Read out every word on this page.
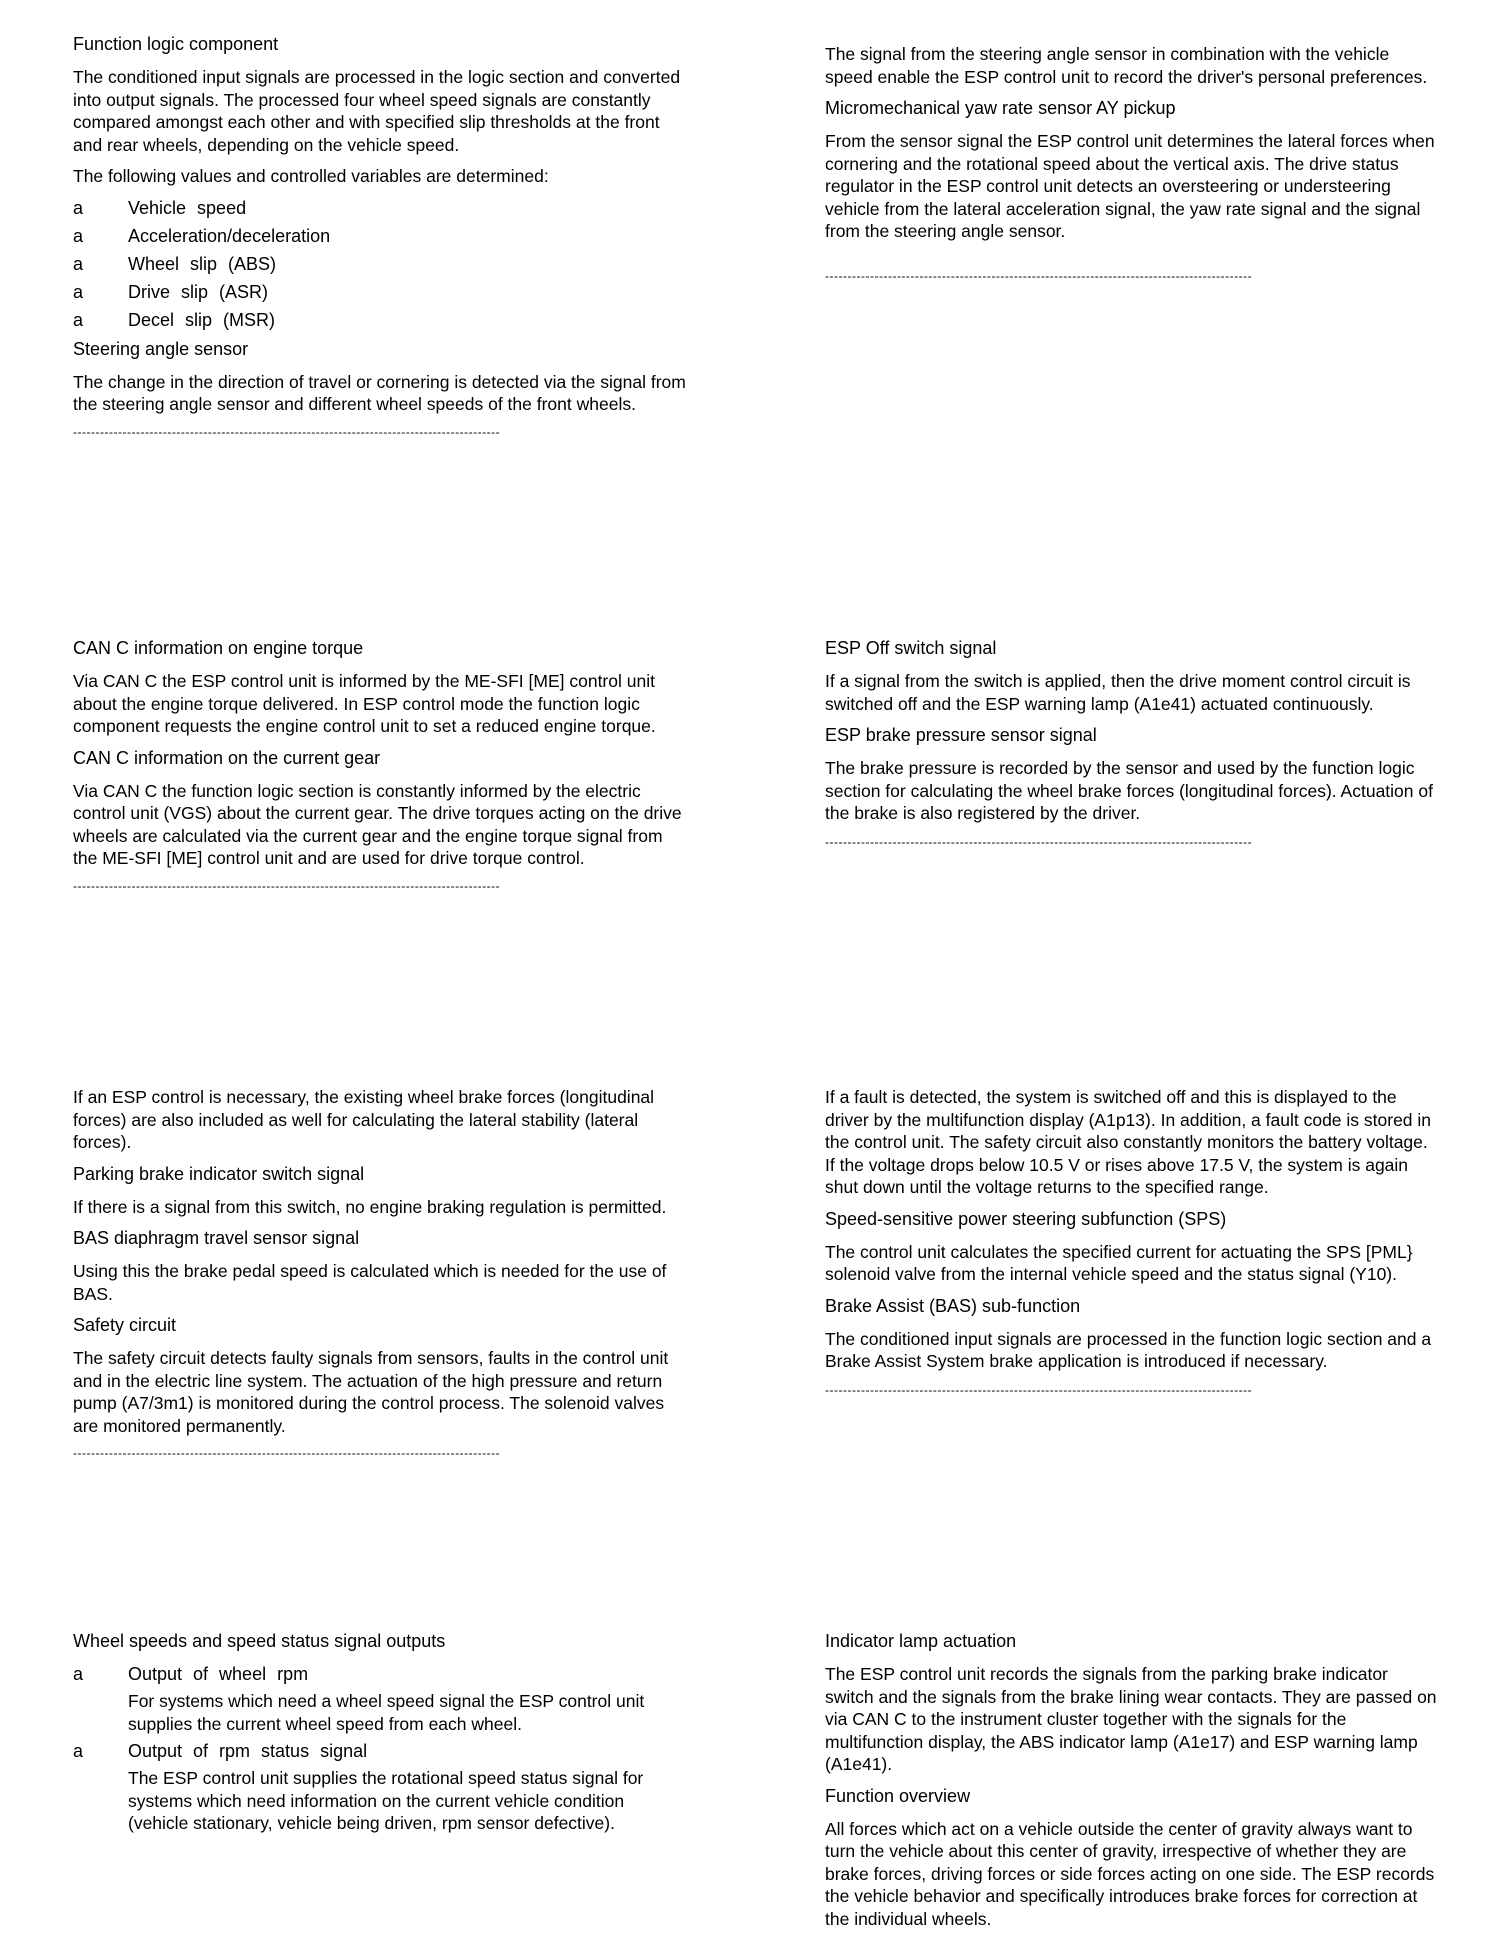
Function logic component
The conditioned input signals are processed in the logic section and converted into output signals. The processed four wheel speed signals are constantly compared amongst each other and with specified slip thresholds at the front and rear wheels, depending on the vehicle speed.
The following values and controlled variables are determined:
a Vehicle speed
a Acceleration/deceleration
a Wheel slip (ABS)
a Drive slip (ASR)
a Decel slip (MSR)
Steering angle sensor
The change in the direction of travel or cornering is detected via the signal from the steering angle sensor and different wheel speeds of the front wheels.
-----------------------------------------------------------------------------------------------
The signal from the steering angle sensor in combination with the vehicle speed enable the ESP control unit to record the driver's personal preferences.
Micromechanical yaw rate sensor AY pickup
From the sensor signal the ESP control unit determines the lateral forces when cornering and the rotational speed about the vertical axis. The drive status regulator in the ESP control unit detects an oversteering or understeering vehicle from the lateral acceleration signal, the yaw rate signal and the signal from the steering angle sensor.
-----------------------------------------------------------------------------------------------
CAN C information on engine torque
Via CAN C the ESP control unit is informed by the ME-SFI [ME] control unit about the engine torque delivered. In ESP control mode the function logic component requests the engine control unit to set a reduced engine torque.
CAN C information on the current gear
Via CAN C the function logic section is constantly informed by the electric control unit (VGS) about the current gear. The drive torques acting on the drive wheels are calculated via the current gear and the engine torque signal from the ME-SFI [ME] control unit and are used for drive torque control.
-----------------------------------------------------------------------------------------------
ESP Off switch signal
If a signal from the switch is applied, then the drive moment control circuit is switched off and the ESP warning lamp (A1e41) actuated continuously.
ESP brake pressure sensor signal
The brake pressure is recorded by the sensor and used by the function logic section for calculating the wheel brake forces (longitudinal forces). Actuation of the brake is also registered by the driver.
-----------------------------------------------------------------------------------------------
If an ESP control is necessary, the existing wheel brake forces (longitudinal forces) are also included as well for calculating the lateral stability (lateral forces).
Parking brake indicator switch signal
If there is a signal from this switch, no engine braking regulation is permitted.
BAS diaphragm travel sensor signal
Using this the brake pedal speed is calculated which is needed for the use of BAS.
Safety circuit
The safety circuit detects faulty signals from sensors, faults in the control unit and in the electric line system. The actuation of the high pressure and return pump (A7/3m1) is monitored during the control process. The solenoid valves are monitored permanently.
-----------------------------------------------------------------------------------------------
If a fault is detected, the system is switched off and this is displayed to the driver by the multifunction display (A1p13). In addition, a fault code is stored in the control unit. The safety circuit also constantly monitors the battery voltage. If the voltage drops below 10.5 V or rises above 17.5 V, the system is again shut down until the voltage returns to the specified range.
Speed-sensitive power steering subfunction (SPS)
The control unit calculates the specified current for actuating the SPS [PML} solenoid valve from the internal vehicle speed and the status signal (Y10).
Brake Assist (BAS) sub-function
The conditioned input signals are processed in the function logic section and a Brake Assist System brake application is introduced if necessary.
-----------------------------------------------------------------------------------------------
Wheel speeds and speed status signal outputs
a Output of wheel rpm
For systems which need a wheel speed signal the ESP control unit supplies the current wheel speed from each wheel.
a Output of rpm status signal
The ESP control unit supplies the rotational speed status signal for systems which need information on the current vehicle condition (vehicle stationary, vehicle being driven, rpm sensor defective).
Indicator lamp actuation
The ESP control unit records the signals from the parking brake indicator switch and the signals from the brake lining wear contacts. They are passed on via CAN C to the instrument cluster together with the signals for the multifunction display, the ABS indicator lamp (A1e17) and ESP warning lamp (A1e41).
Function overview
All forces which act on a vehicle outside the center of gravity always want to turn the vehicle about this center of gravity, irrespective of whether they are brake forces, driving forces or side forces acting on one side. The ESP records the vehicle behavior and specifically introduces brake forces for correction at the individual wheels.
